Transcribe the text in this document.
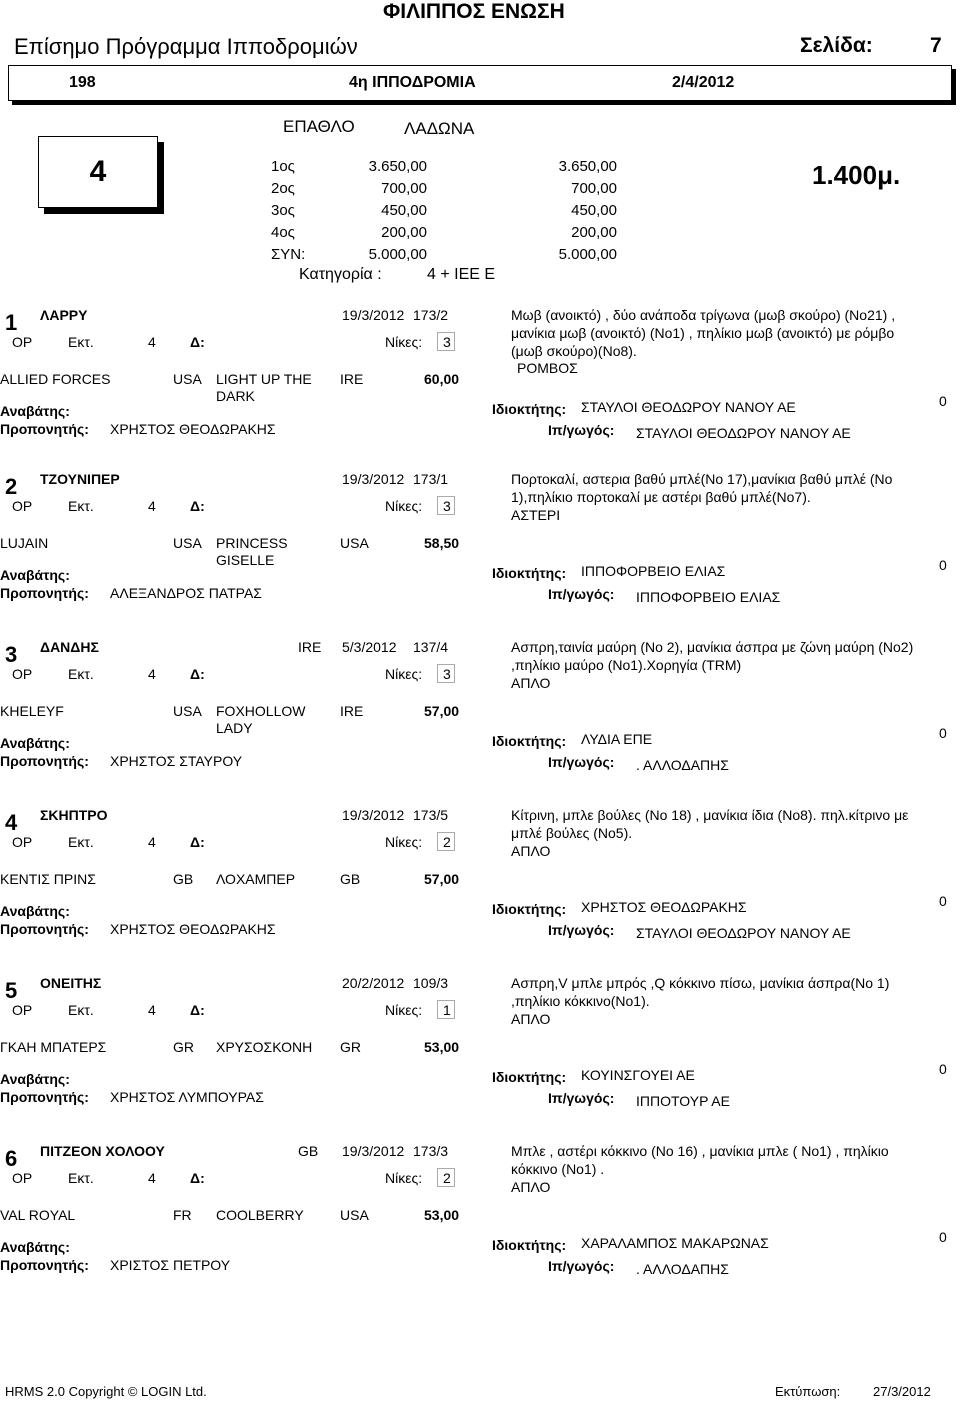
ΦΙΛΙΠΠΟΣ ΕΝΩΣΗ
Επίσημο Πρόγραμμα Ιπποδρομιών	Σελίδα:	7
198	4η ΙΠΠΟΔΡΟΜΙΑ	2/4/2012
ΕΠΑΘΛΟ	ΛΑΔΩΝΑ
4	1ος	3.650,00	3.650,00
2ος	700,00	700,00
3ος	450,00	450,00
4ος	200,00	200,00
ΣΥΝ:	5.000,00	5.000,00
Κατηγορία :	4 + ΙΕΕ Ε
1.400μ.
1 ΛΑΡΡΥ	19/3/2012 173/2
ΟΡ	Εκτ.	4 Δ:	Νίκες: 3
Μωβ (ανοικτό) , δύο ανάποδα τρίγωνα (μωβ σκούρο) (Νο21) ,
μανίκια μωβ (ανοικτό) (Νο1) , πηλίκιο μωβ (ανοικτό) με ρόμβο
(μωβ σκούρο)(Νο8).
ΡΟΜΒΟΣ
ALLIED FORCES	USA LIGHT UP THE
DARK
IRE	60,00
Αναβάτης:
Προπονητής: ΧΡΗΣΤΟΣ ΘΕΟΔΩΡΑΚΗΣ
Ιδιοκτήτης: ΣΤΑΥΛΟΙ ΘΕΟΔΩΡΟΥ ΝΑΝΟΥ ΑΕ
Ιπ/γωγός: ΣΤΑΥΛΟΙ ΘΕΟΔΩΡΟΥ ΝΑΝΟΥ ΑΕ
0
2 ΤΖΟΥΝΙΠΕΡ	19/3/2012 173/1
ΟΡ	Εκτ.	4 Δ:	Νίκες: 3
Πορτοκαλί, αστερια βαθύ μπλέ(Νο 17),μανίκια βαθύ μπλέ (Νο
1),πηλίκιο πορτοκαλί με αστέρι βαθύ μπλέ(Νο7).
ΑΣΤΕΡΙ
LUJAIN	USA PRINCESS
GISELLE
USA	58,50
Αναβάτης:
Προπονητής: ΑΛΕΞΑΝΔΡΟΣ ΠΑΤΡΑΣ
Ιδιοκτήτης: ΙΠΠΟΦΟΡΒΕΙΟ ΕΛΙΑΣ
Ιπ/γωγός: ΙΠΠΟΦΟΡΒΕΙΟ ΕΛΙΑΣ
0
3 ΔΑΝΔΗΣ	IRE 5/3/2012 137/4
ΟΡ	Εκτ.	4 Δ:	Νίκες: 3
Ασπρη,ταινία μαύρη (Νο 2), μανίκια άσπρα με ζώνη μαύρη (Νο2)
,πηλίκιο μαύρο (Νο1).Χορηγία (TRM)
ΑΠΛΟ
ΚΗELEYF	USA FOXHOLLOW
LADY
IRE	57,00
Αναβάτης:
Προπονητής: ΧΡΗΣΤΟΣ ΣΤΑΥΡΟΥ
Ιδιοκτήτης: ΛΥΔΙΑ ΕΠΕ
Ιπ/γωγός: . ΑΛΛΟΔΑΠΗΣ
0
4 ΣΚΗΠΤΡΟ	19/3/2012 173/5
ΟΡ	Εκτ.	4 Δ:	Νίκες: 2
Κίτρινη, μπλε βούλες (Νο 18) , μανίκια ίδια (Νο8). πηλ.κίτρινο με
μπλέ βούλες (Νο5).
ΑΠΛΟ
ΚΕΝΤΙΣ ΠΡΙΝΣ	GB ΛΟΧΑΜΠΕΡ	GB	57,00
Αναβάτης:
Προπονητής: ΧΡΗΣΤΟΣ ΘΕΟΔΩΡΑΚΗΣ
Ιδιοκτήτης: ΧΡΗΣΤΟΣ ΘΕΟΔΩΡΑΚΗΣ
Ιπ/γωγός: ΣΤΑΥΛΟΙ ΘΕΟΔΩΡΟΥ ΝΑΝΟΥ ΑΕ
0
5 ΟΝΕΙΤΗΣ	20/2/2012 109/3
ΟΡ	Εκτ.	4 Δ:	Νίκες: 1
Ασπρη,V μπλε μπρός ,Q κόκκινο πίσω, μανίκια άσπρα(Νο 1)
,πηλίκιο κόκκινο(Νο1).
ΑΠΛΟ
ΓΚΑΗ ΜΠΑΤΕΡΣ	GR ΧΡΥΣΟΣΚΟΝΗ GR	53,00
Αναβάτης:
Προπονητής: ΧΡΗΣΤΟΣ ΛΥΜΠΟΥΡΑΣ
Ιδιοκτήτης: ΚΟΥΙΝΣΓΟΥΕΙ ΑΕ
Ιπ/γωγός: ΙΠΠΟΤΟΥΡ ΑΕ
0
6 ΠΙΤΖΕΟΝ ΧΟΛΟΟΥ	GB 19/3/2012 173/3
ΟΡ	Εκτ.	4 Δ:	Νίκες: 2
Μπλε , αστέρι κόκκινο (Νο 16) , μανίκια μπλε ( Νο1) , πηλίκιο
κόκκινο (Νο1) .
ΑΠΛΟ
VAL ROYAL	FR COOLBERRY	USA	53,00
Αναβάτης:
Προπονητής: ΧΡΙΣΤΟΣ ΠΕΤΡΟΥ
Ιδιοκτήτης: ΧΑΡΑΛΑΜΠΟΣ ΜΑΚΑΡΩΝΑΣ
Ιπ/γωγός: . ΑΛΛΟΔΑΠΗΣ
0
HRMS 2.0 Copyright © LOGIN Ltd.	Εκτύπωση:	27/3/2012
